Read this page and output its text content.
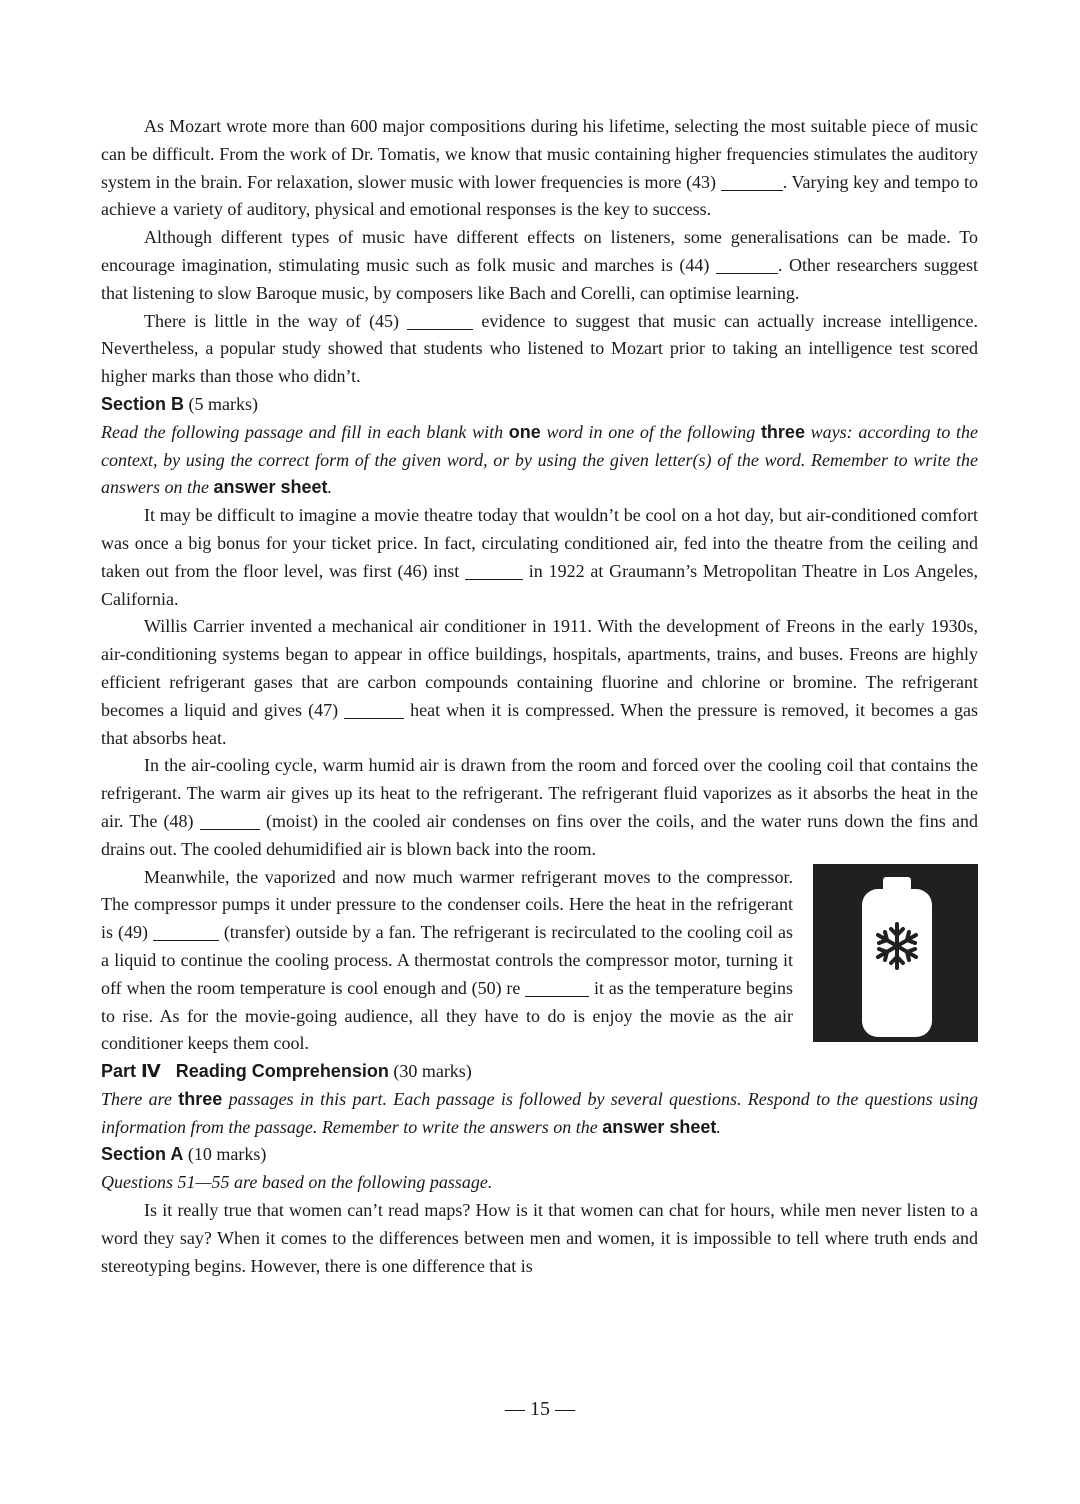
As Mozart wrote more than 600 major compositions during his lifetime, selecting the most suitable piece of music can be difficult. From the work of Dr. Tomatis, we know that music containing higher frequencies stimulates the auditory system in the brain. For relaxation, slower music with lower frequencies is more (43)	. Varying key and tempo to achieve a variety of auditory, physical and emotional responses is the key to success.

Although different types of music have different effects on listeners, some generalisations can be made. To encourage imagination, stimulating music such as folk music and marches is (44)	. Other researchers suggest that listening to slow Baroque music, by composers like Bach and Corelli, can optimise learning.

There is little in the way of (45)	evidence to suggest that music can actually increase intelligence. Nevertheless, a popular study showed that students who listened to Mozart prior to taking an intelligence test scored higher marks than those who didn’t.

Section B (5 marks)

Read the following passage and fill in each blank with one word in one of the following three ways: according to the context, by using the correct form of the given word, or by using the given letter(s) of the word. Remember to write the answers on the answer sheet.

It may be difficult to imagine a movie theatre today that wouldn’t be cool on a hot day, but air-conditioned comfort was once a big bonus for your ticket price. In fact, circulating conditioned air, fed into the theatre from the ceiling and taken out from the floor level, was first (46) inst	in 1922 at Graumann’s Metropolitan Theatre in Los Angeles, California.

Willis Carrier invented a mechanical air conditioner in 1911. With the development of Freons in the early 1930s, air-conditioning systems began to appear in office buildings, hospitals, apartments, trains, and buses. Freons are highly efficient refrigerant gases that are carbon compounds containing fluorine and chlorine or bromine. The refrigerant becomes a liquid and gives (47)	heat when it is compressed. When the pressure is removed, it becomes a gas that absorbs heat.

In the air-cooling cycle, warm humid air is drawn from the room and forced over the cooling coil that contains the refrigerant. The warm air gives up its heat to the refrigerant. The refrigerant fluid vaporizes as it absorbs the heat in the air. The (48)	(moist) in the cooled air condenses on fins over the coils, and the water runs down the fins and drains out. The cooled dehumidified air is blown back into the room.

Meanwhile, the vaporized and now much warmer refrigerant moves to the compressor. The compressor pumps it under pressure to the condenser coils. Here the heat in the refrigerant is (49)	(transfer) outside by a fan. The refrigerant is recirculated to the cooling coil as a liquid to continue the cooling process. A thermostat controls the compressor motor, turning it off when the room temperature is cool enough and (50) re	it as the temperature begins to rise. As for the movie-going audience, all they have to do is enjoy the movie as the air conditioner keeps them cool.

Part Ⅳ   Reading Comprehension (30 marks)

There are three passages in this part. Each passage is followed by several questions. Respond to the questions using information from the passage. Remember to write the answers on the answer sheet.

Section A (10 marks)

Questions 51—55 are based on the following passage.

Is it really true that women can’t read maps? How is it that women can chat for hours, while men never listen to a word they say? When it comes to the differences between men and women, it is impossible to tell where truth ends and stereotyping begins. However, there is one difference that is

— 15 —
